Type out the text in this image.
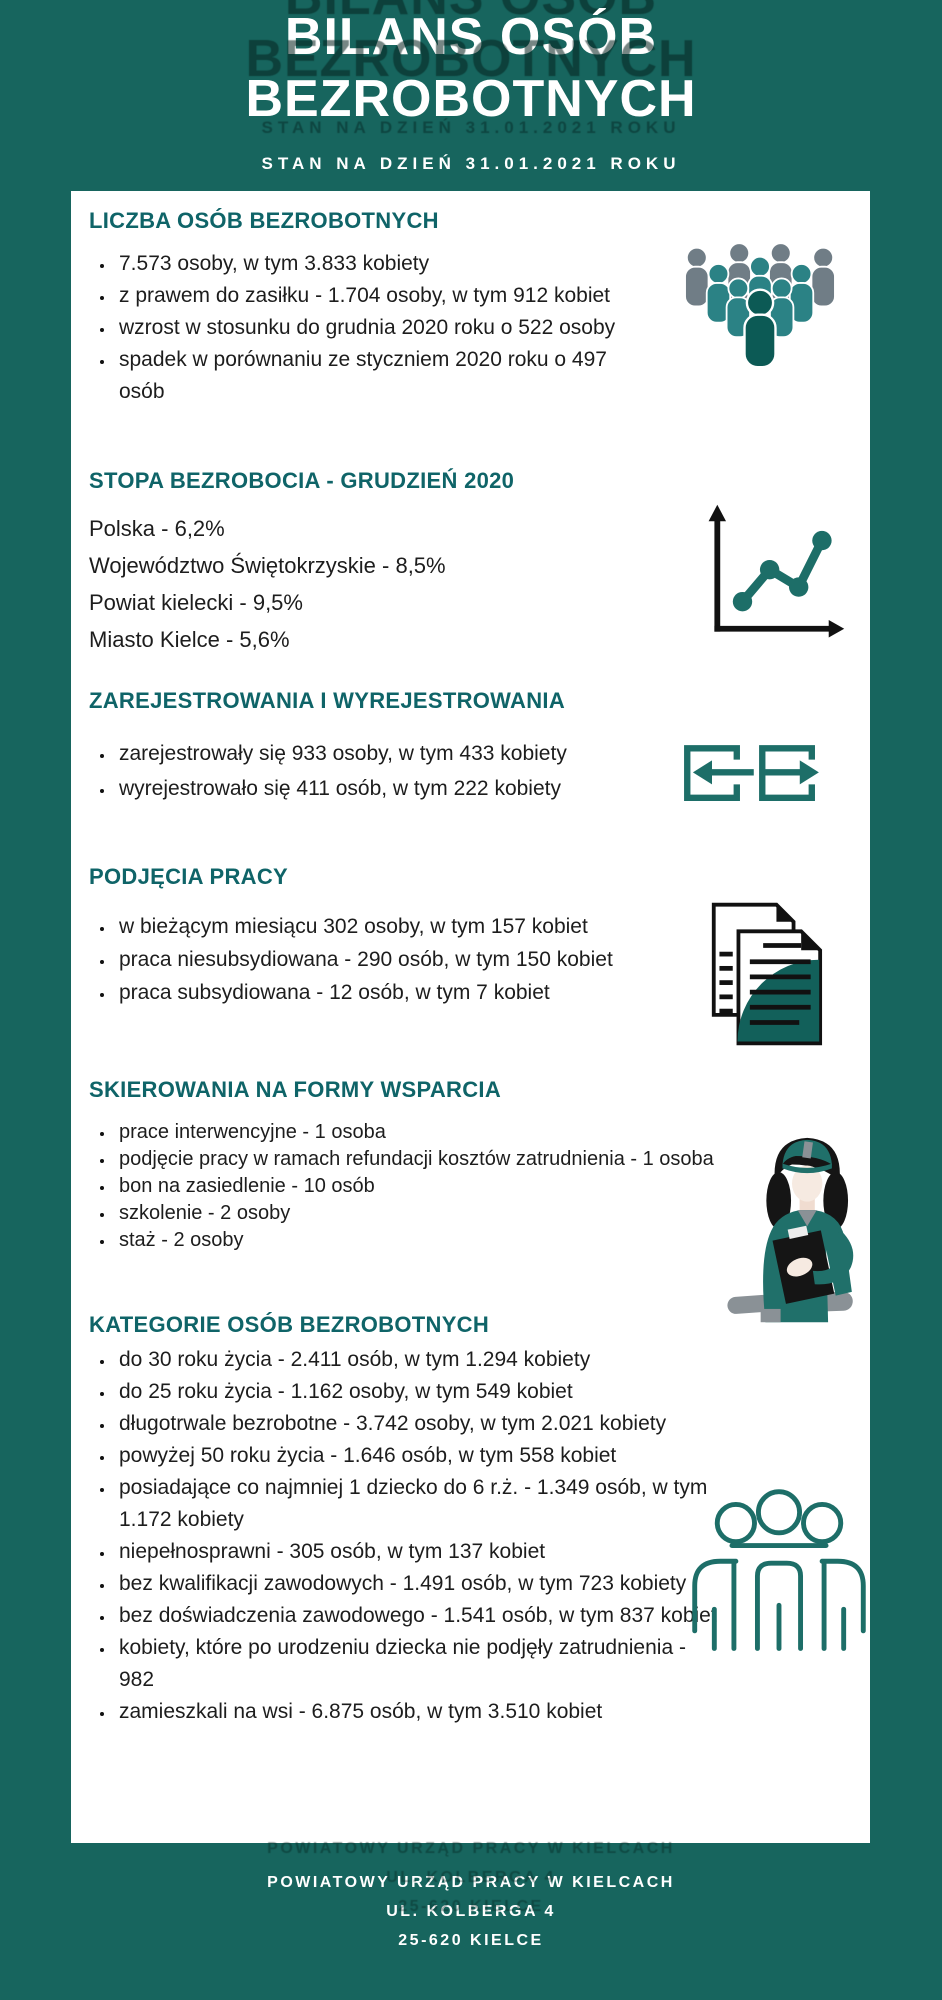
BILANS OSÓB
BEZROBOTNYCH
STAN NA DZIEŃ 31.01.2021 ROKU
LICZBA OSÓB BEZROBOTNYCH
• 7.573 osoby, w tym 3.833 kobiety
• z prawem do zasiłku - 1.704 osoby, w tym 912 kobiet
• wzrost w stosunku do grudnia 2020 roku o 522 osoby
• spadek w porównaniu ze styczniem 2020 roku o 497 osób
STOPA BEZROBOCIA - GRUDZIEŃ 2020
Polska - 6,2%
Województwo Świętokrzyskie - 8,5%
Powiat kielecki - 9,5%
Miasto Kielce - 5,6%
ZAREJESTROWANIA I WYREJESTROWANIA
• zarejestrowały się 933 osoby, w tym 433 kobiety
• wyrejestrowało się 411 osób, w tym 222 kobiety
PODJĘCIA PRACY
• w bieżącym miesiącu 302 osoby, w tym 157 kobiet
• praca niesubsydiowana - 290 osób, w tym 150 kobiet
• praca subsydiowana - 12 osób, w tym 7 kobiet
SKIEROWANIA NA FORMY WSPARCIA
• prace interwencyjne - 1 osoba
• podjęcie pracy w ramach refundacji kosztów zatrudnienia - 1 osoba
• bon na zasiedlenie - 10 osób
• szkolenie - 2 osoby
• staż - 2 osoby
KATEGORIE OSÓB BEZROBOTNYCH
• do 30 roku życia - 2.411 osób, w tym 1.294 kobiety
• do 25 roku życia - 1.162 osoby, w tym 549 kobiet
• długotrwale bezrobotne - 3.742 osoby, w tym 2.021 kobiety
• powyżej 50 roku życia - 1.646 osób, w tym 558 kobiet
• posiadające co najmniej 1 dziecko do 6 r.ż. - 1.349 osób, w tym 1.172 kobiety
• niepełnosprawni - 305 osób, w tym 137 kobiet
• bez kwalifikacji zawodowych - 1.491 osób, w tym 723 kobiety
• bez doświadczenia zawodowego - 1.541 osób, w tym 837 kobiet
• kobiety, które po urodzeniu dziecka nie podjęły zatrudnienia - 982
• zamieszkali na wsi - 6.875 osób, w tym 3.510 kobiet
POWIATOWY URZĄD PRACY W KIELCACH
UL. KOLBERGA 4
25-620 KIELCE
